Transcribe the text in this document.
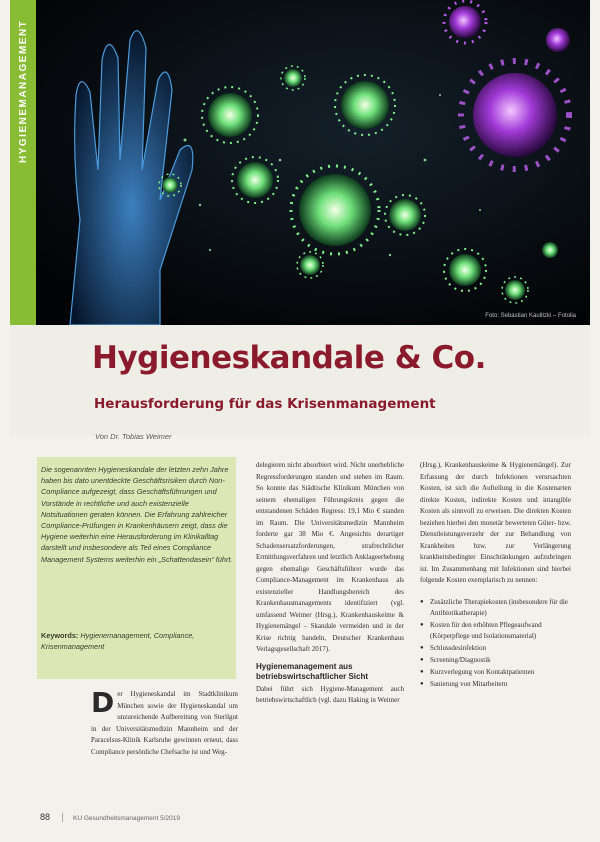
Foto: Sebastian Kaulitzki – Fotolia
HYGIENEMANAGEMENT
Hygieneskandale & Co.
Herausforderung für das Krisenmanagement
Von Dr. Tobias Weimer
Die sogenannten Hygieneskandale der letzten zehn Jahre haben bis dato unentdeckte Geschäftsrisiken durch Non-Compliance aufgezeigt, dass Geschäftsführungen und Vorstände in rechtliche und auch existenzielle Notsituationen geraten können. Die Erfahrung zahlreicher Compliance-Prüfungen in Krankenhäusern zeigt, dass die Hygiene weiterhin eine Herausforderung im Klinikalltag darstellt und insbesondere als Teil eines Compliance Management Systems weiterhin ein „Schattendasein“ führt.
Keywords: Hygienemanagement, Compliance, Krisenmanagement
Der Hygieneskandal im Stadtklinikum München sowie der Hygieneskandal um unzureichende Aufbereitung von Sterilgut in der Universitätsmedizin Mannheim und der Paracelsus-Klinik Karlsruhe gewinnen erneut, dass Compliance persönliche Chefsache ist und Weg-
delegieren nicht absorbiert wird. Nicht unerhebliche Regressforderungen standen und stehen im Raum. So konnte das Städtische Klinikum München von seinem ehemaligen Führungskreis gegen die entstandenen Schäden Regress: 19,1 Mio € standen im Raum. Die Universitätsmedizin Mannheim forderte gar 38 Mio €. Angesichts derartiger Schadensersatzforderungen, strafrechtlicher Ermittlungsverfahren und letztlich Anklageerhebung gegen ehemalige Geschäftsführer wurde das Compliance-Management im Krankenhaus als existenzieller Handlungsbereich des Krankenhausmanagements identifiziert (vgl. umfassend Weimer (Hrsg.), Krankenhauskeime & Hygienemängel – Skandale vermeiden und in der Krise richtig handeln, Deutscher Krankenhaus Verlagsgesellschaft 2017).
Hygienemanagement aus betriebswirtschaftlicher Sicht
Dabei führt sich Hygiene-Management auch betriebswirtschaftlich (vgl. dazu Haking in Weimer
(Hrsg.), Krankenhauskeime & Hygienemängel). Zur Erfassung der durch Infektionen verursachten Kosten, ist sich die Aufteilung in die Kostenarten direkte Kosten, indirekte Kosten und intangible Kosten als sinnvoll zu erweisen. Die direkten Kosten beziehen hierbei den monetär bewerteten Güter- bzw. Dienstleistungsverzehr der zur Behandlung von Krankheiten bzw. zur Verlängerung krankheitsbedingter Einschränkungen aufzubringen ist. Im Zusammenhang mit Infektionen sind hierbei folgende Kosten exemplarisch zu nennen:
● Zusätzliche Therapiekosten (insbesondere für die Antibiotikatherapie)
● Kosten für den erhöhten Pflegeaufwand (Körperpflege und Isolationsmaterial)
● Schlussdesinfektion
● Screening/Diagnostik
● Kurzverlegung von Kontaktpatienten
● Sanierung von Mitarbeitern
88	KU Gesundheitsmanagement 5/2019
